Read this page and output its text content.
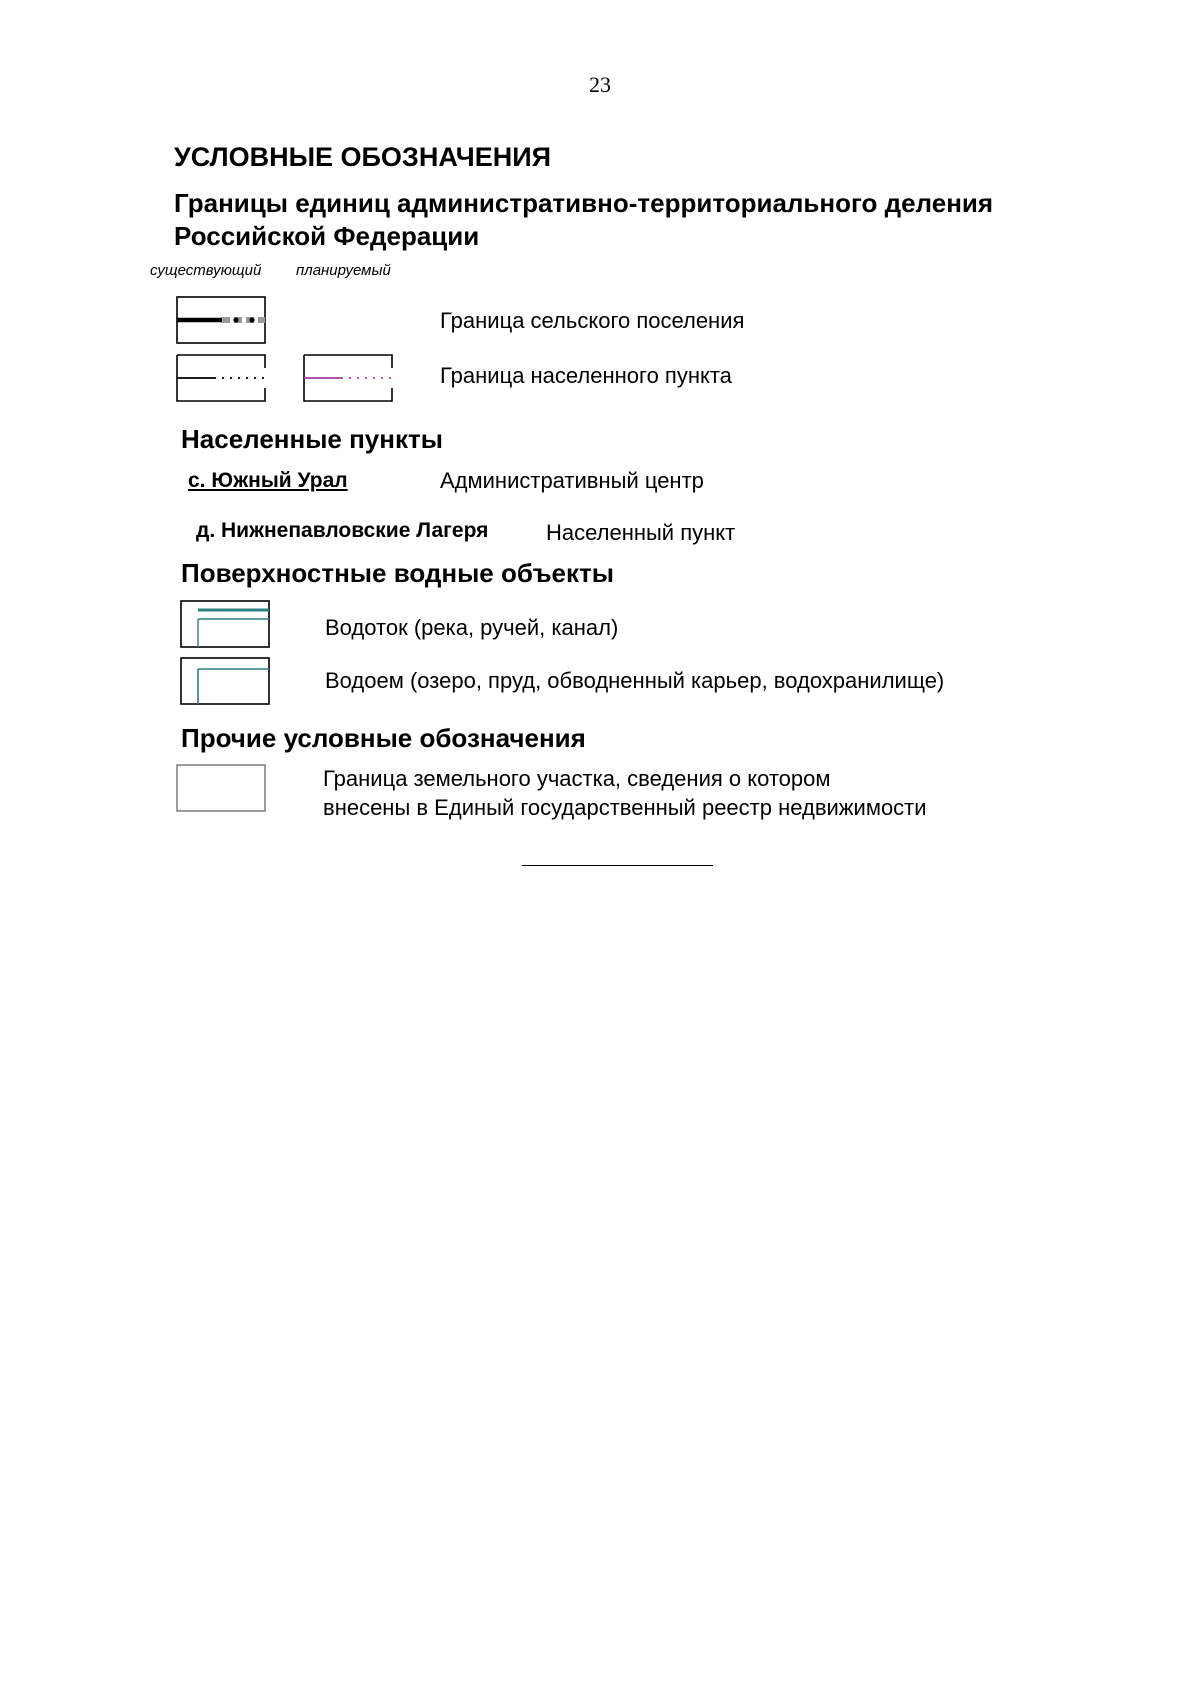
23
УСЛОВНЫЕ ОБОЗНАЧЕНИЯ
Границы единиц административно-территориального деления
Российской Федерации
существующий планируемый
Граница сельского поселения
Граница населенного пункта
Населенные пункты
с. Южный Урал	Административный центр
д. Нижнепавловские Лагеря	Населенный пункт
Поверхностные водные объекты
Водоток (река, ручей, канал)
Водоем (озеро, пруд, обводненный карьер, водохранилище)
Прочие условные обозначения
Граница земельного участка, сведения о котором
внесены в Единый государственный реестр недвижимости
